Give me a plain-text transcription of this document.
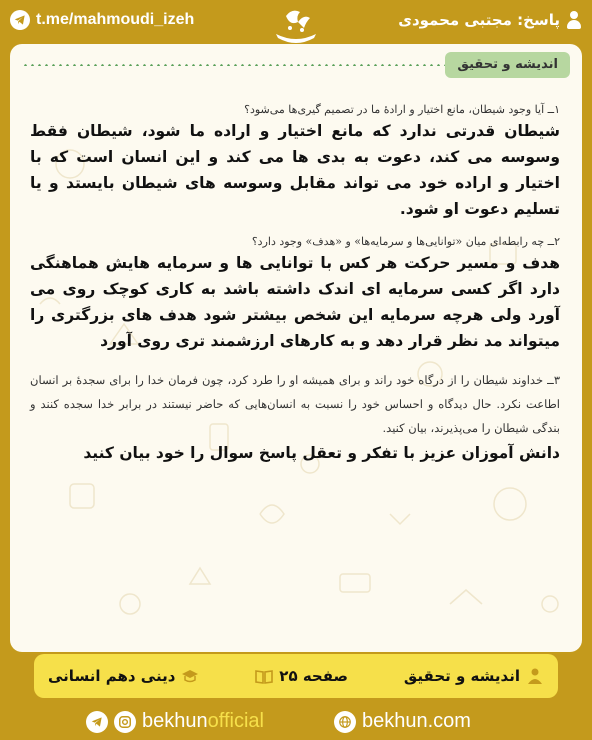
t.me/mahmoudi_izeh	پاسخ: مجتبی محمودی
اندیشه و تحقیق
۱ــ آیا وجود شیطان، مانع اختیار و ارادهٔ ما در تصمیم گیری‌ها می‌شود؟
شیطان قدرتی ندارد که مانع اختیار و اراده ما شود، شیطان فقط وسوسه می کند، دعوت به بدی ها می کند و این انسان است که با اختیار و اراده خود می تواند مقابل وسوسه های شیطان بایستد و یا تسلیم دعوت او شود.
۲ــ چه رابطه‌ای میان «توانایی‌ها و سرمایه‌ها» و «هدف» وجود دارد؟
هدف و مسیر حرکت هر کس با توانایی ها و سرمایه هایش هماهنگی دارد اگر کسی سرمایه ای اندک داشته باشد به کاری کوچک روی می آورد ولی هرچه سرمایه این شخص بیشتر شود هدف های بزرگتری را میتواند مد نظر قرار دهد و به کارهای ارزشمند تری روی آورد
۳ــ خداوند شیطان را از درگاه خود راند و برای همیشه او را طرد کرد، چون فرمان خدا را برای سجدهٔ بر انسان اطاعت نکرد. حال دیدگاه و احساس خود را نسبت به انسان‌هایی که حاضر نیستند در برابر خدا سجده کنند و بندگی شیطان را می‌پذیرند، بیان کنید.
دانش آموزان عزیز با تفکر و تعقل پاسخ سوال را خود بیان کنید
اندیشه و تحقیق
صفحه ۲۵
دینی دهم انسانی
bekhunofficial	bekhun.com
